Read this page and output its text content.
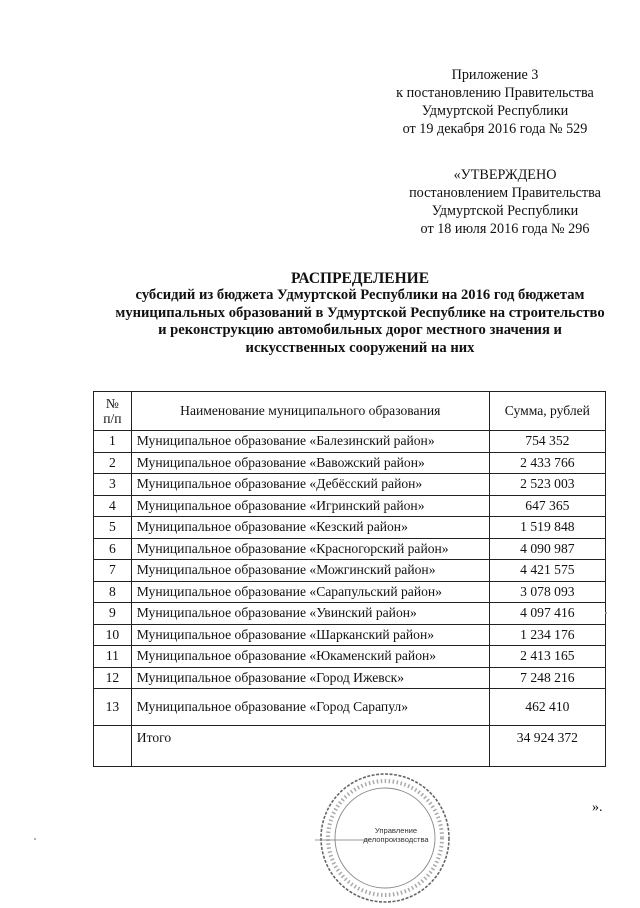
Приложение 3
к постановлению Правительства
Удмуртской Республики
от 19 декабря 2016 года № 529
«УТВЕРЖДЕНО
постановлением Правительства
Удмуртской Республики
от 18 июля 2016 года № 296
РАСПРЕДЕЛЕНИЕ
субсидий из бюджета Удмуртской Республики на 2016 год бюджетам
муниципальных образований в Удмуртской Республике на строительство
и реконструкцию автомобильных дорог местного значения и
искусственных сооружений на них
№
п/п	Наименование муниципального образования	Сумма, рублей
1	Муниципальное образование «Балезинский район»	754 352
2	Муниципальное образование «Вавожский район»	2 433 766
3	Муниципальное образование «Дебёсский район»	2 523 003
4	Муниципальное образование «Игринский район»	647 365
5	Муниципальное образование «Кезский район»	1 519 848
6	Муниципальное образование «Красногорский район»	4 090 987
7	Муниципальное образование «Можгинский район»	4 421 575
8	Муниципальное образование «Сарапульский район»	3 078 093
9	Муниципальное образование «Увинский район»	4 097 416
10	Муниципальное образование «Шарканский район»	1 234 176
11	Муниципальное образование «Юкаменский район»	2 413 165
12	Муниципальное образование «Город Ижевск»	7 248 216
13	Муниципальное образование «Город Сарапул»	462 410
	Итого	34 924 372
».
Управление
делопроизводства
